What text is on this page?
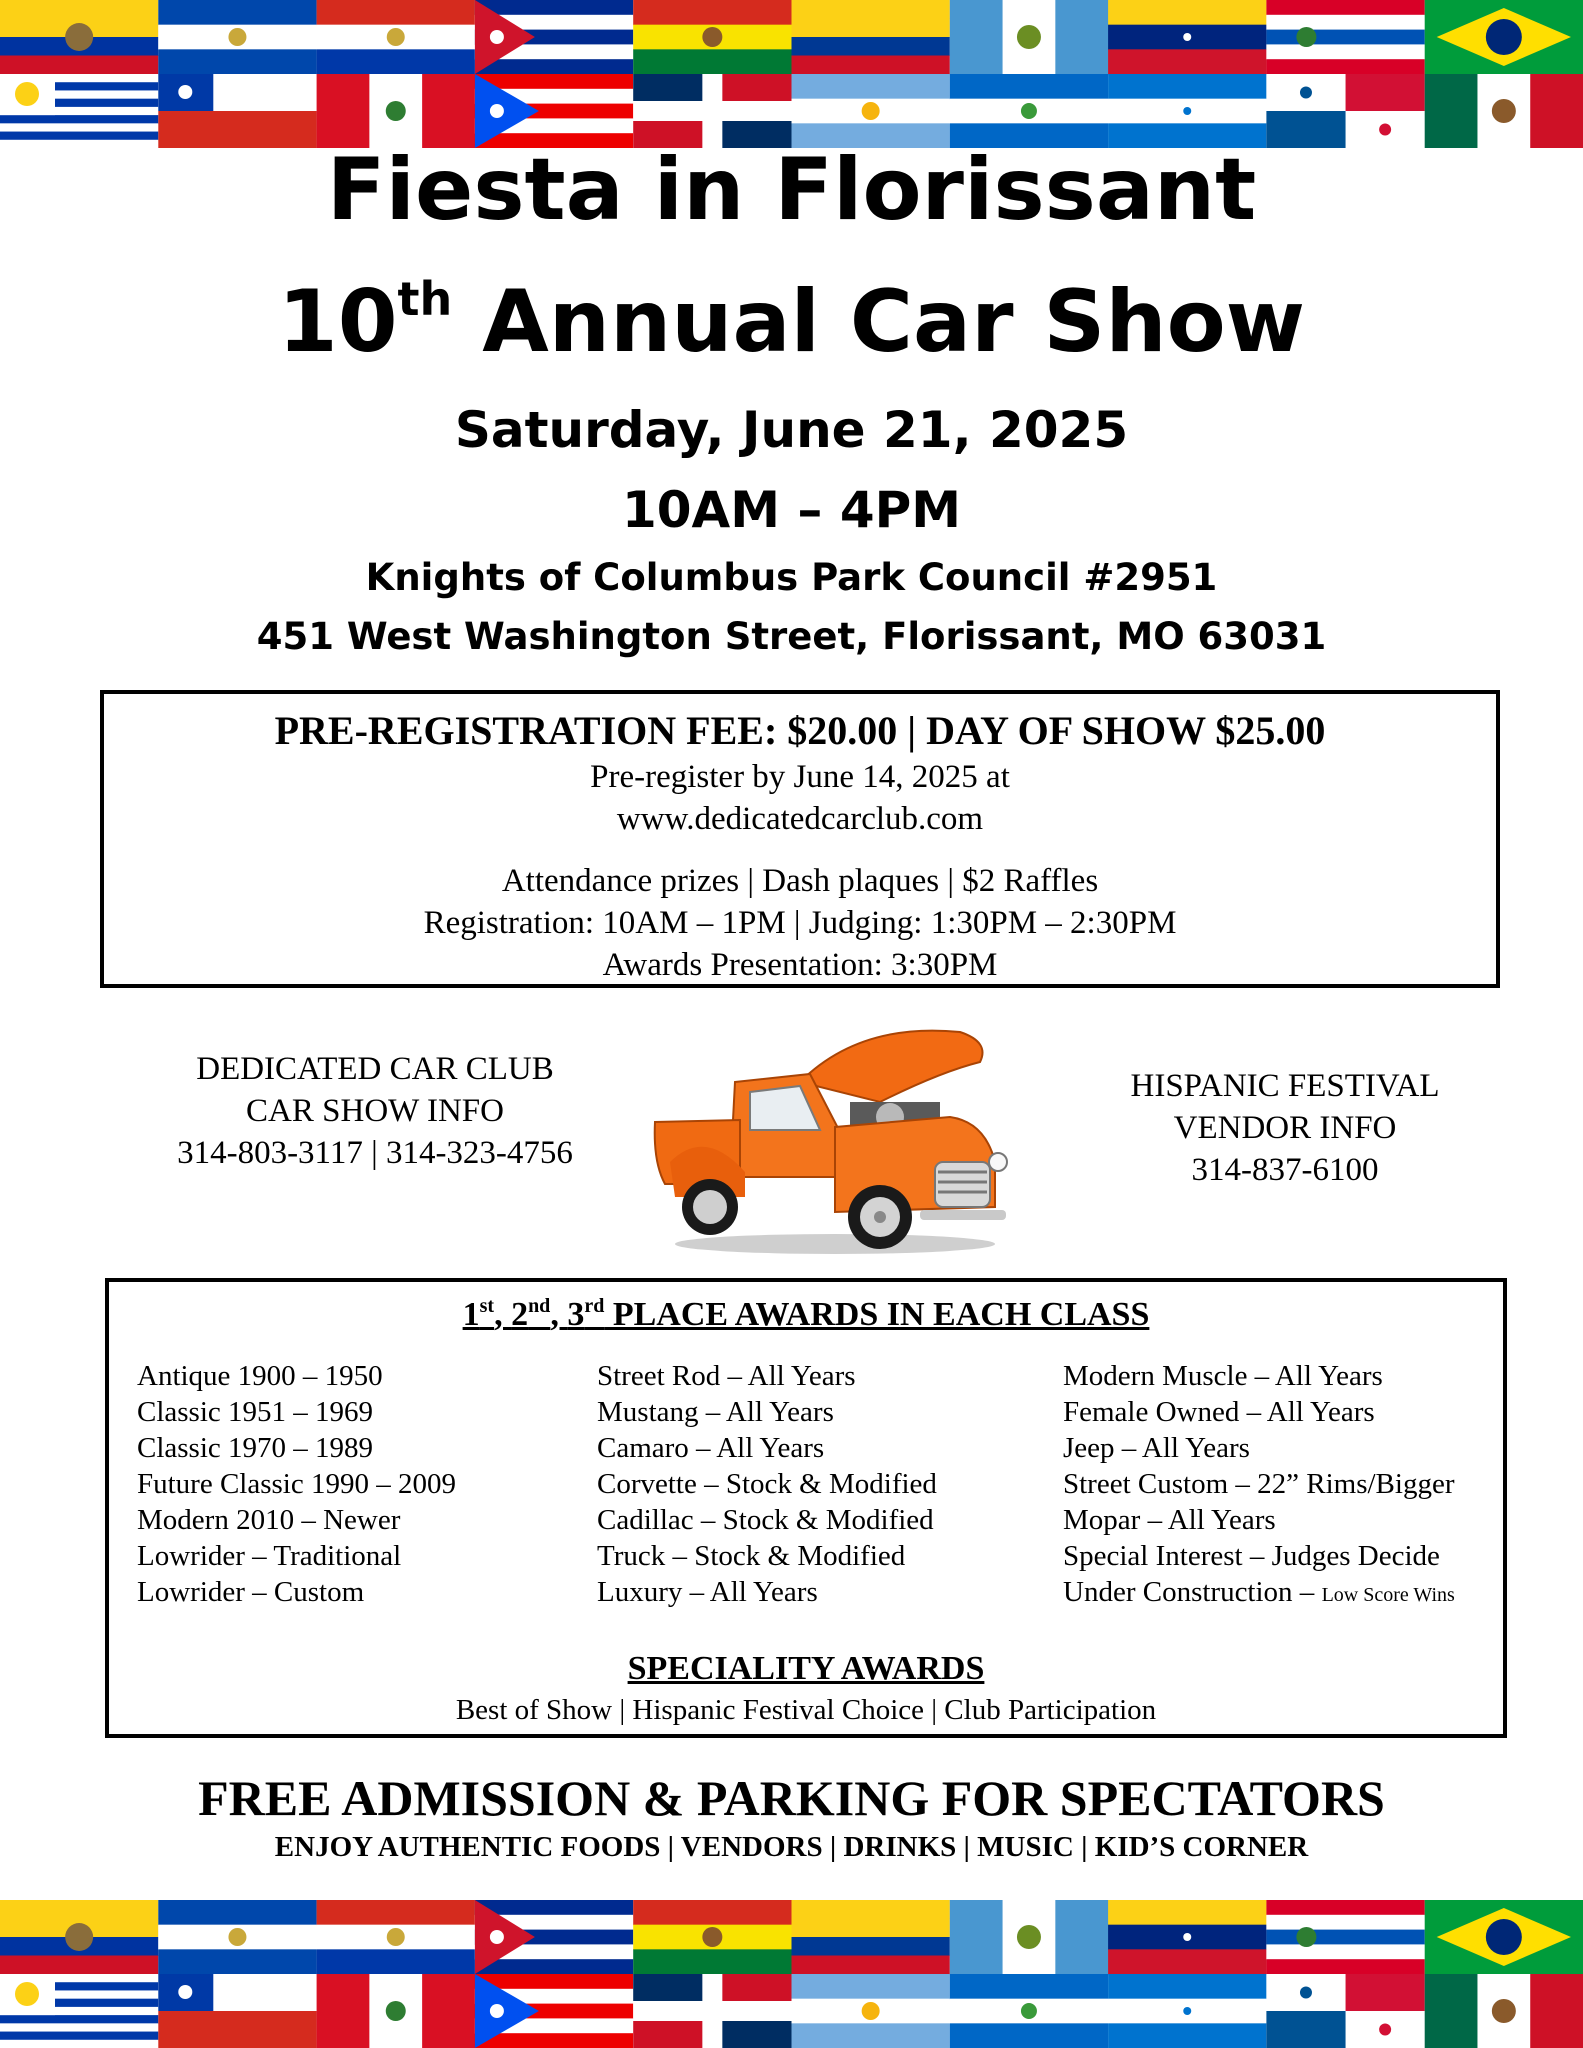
Fiesta in Florissant
10th Annual Car Show
Saturday, June 21, 2025
10AM – 4PM
Knights of Columbus Park Council #2951
451 West Washington Street, Florissant, MO 63031
PRE-REGISTRATION FEE: $20.00 | DAY OF SHOW $25.00
Pre-register by June 14, 2025 at
www.dedicatedcarclub.com
Attendance prizes | Dash plaques | $2 Raffles
Registration: 10AM – 1PM | Judging: 1:30PM – 2:30PM
Awards Presentation: 3:30PM
DEDICATED CAR CLUB
CAR SHOW INFO
314-803-3117 | 314-323-4756
HISPANIC FESTIVAL
VENDOR INFO
314-837-6100
1st, 2nd, 3rd PLACE AWARDS IN EACH CLASS
Antique 1900 – 1950
Classic 1951 – 1969
Classic 1970 – 1989
Future Classic 1990 – 2009
Modern 2010 – Newer
Lowrider – Traditional
Lowrider – Custom
Street Rod – All Years
Mustang – All Years
Camaro – All Years
Corvette – Stock & Modified
Cadillac – Stock & Modified
Truck – Stock & Modified
Luxury – All Years
Modern Muscle – All Years
Female Owned – All Years
Jeep – All Years
Street Custom – 22” Rims/Bigger
Mopar – All Years
Special Interest – Judges Decide
Under Construction – Low Score Wins
SPECIALITY AWARDS
Best of Show | Hispanic Festival Choice | Club Participation
FREE ADMISSION & PARKING FOR SPECTATORS
ENJOY AUTHENTIC FOODS | VENDORS | DRINKS | MUSIC | KID’S CORNER
